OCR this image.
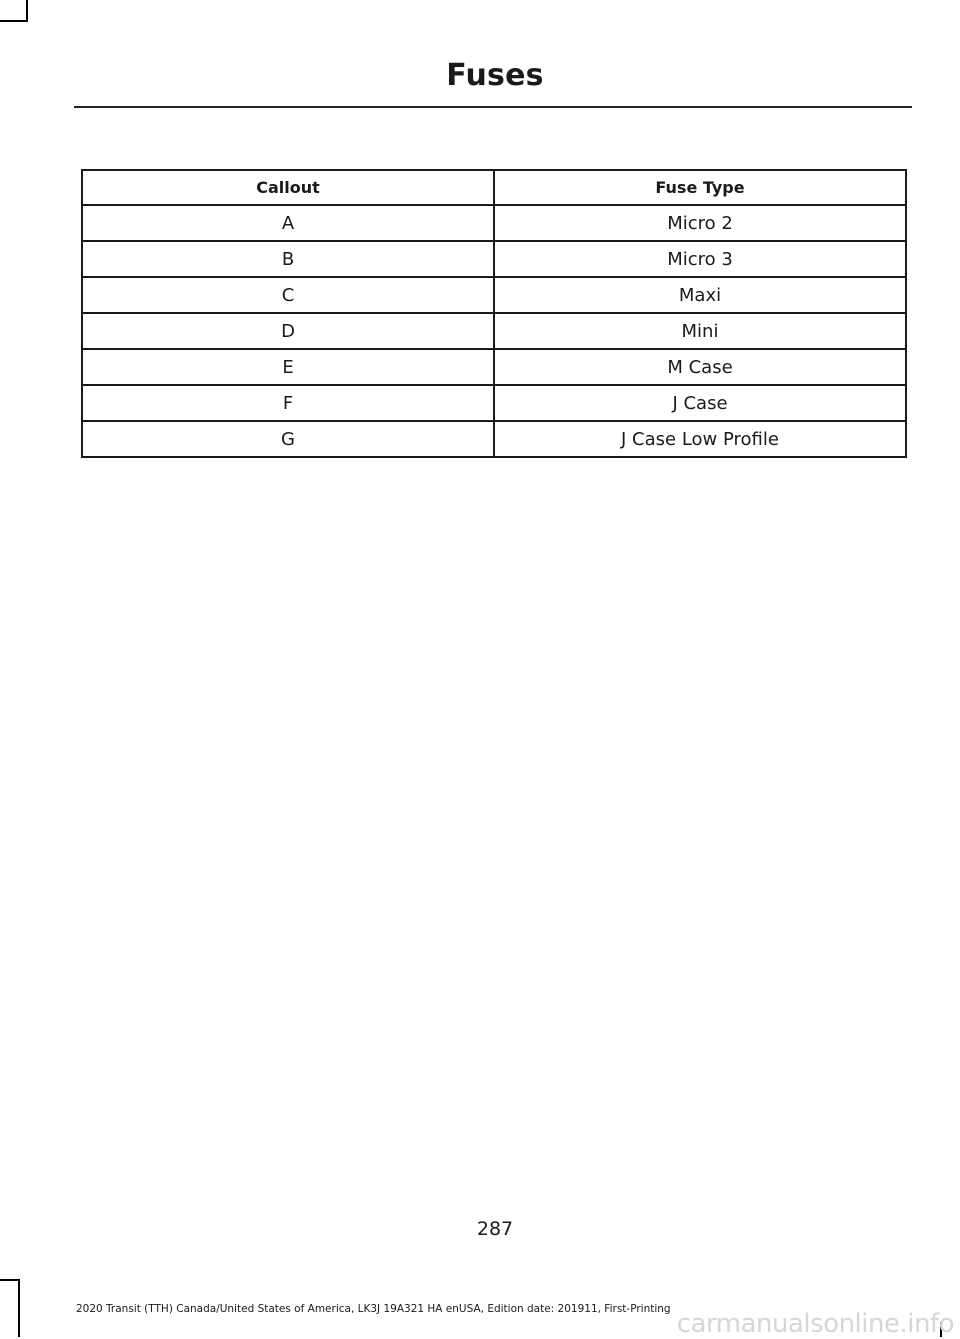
Fuses
Callout	Fuse Type
A	Micro 2
B	Micro 3
C	Maxi
D	Mini
E	M Case
F	J Case
G	J Case Low Profile
287
2020 Transit (TTH) Canada/United States of America, LK3J 19A321 HA enUSA, Edition date: 201911, First-Printing carmanualsonline.info
